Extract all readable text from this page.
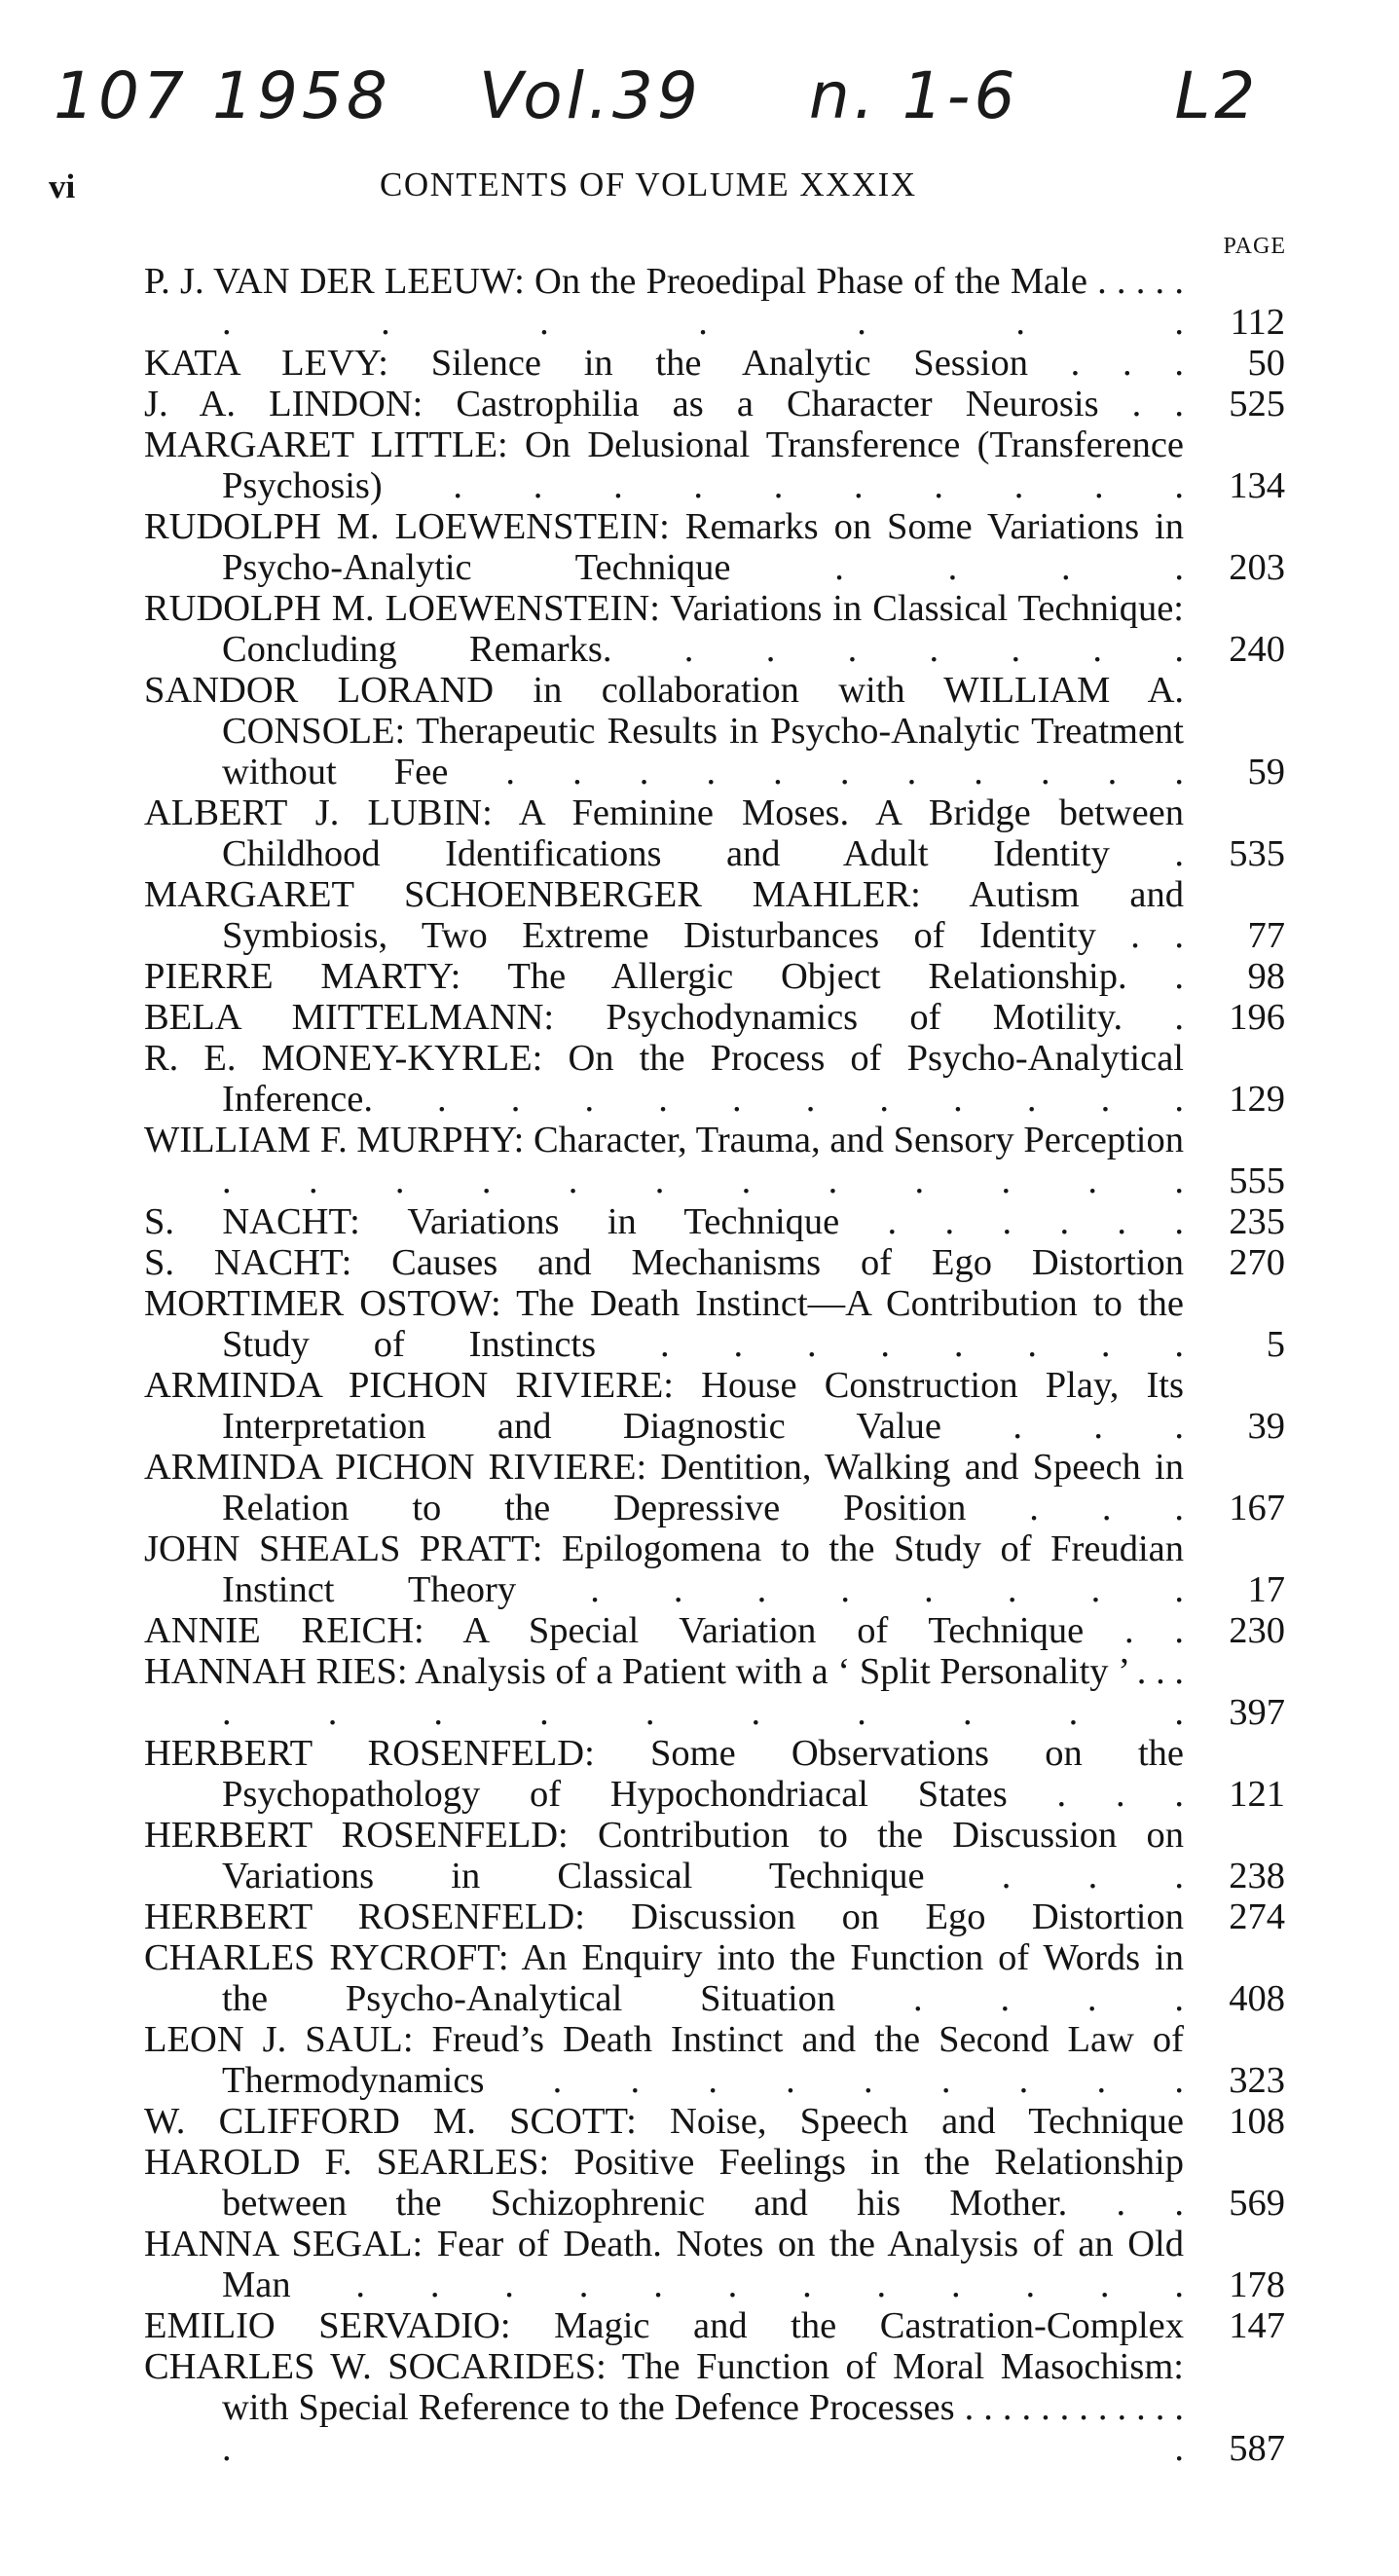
107 1958 Vol.39 n. 1-6 L2
vi	CONTENTS OF VOLUME XXXIX
PAGE
P. J. VAN DER LEEUW: On the Preoedipal Phase of the Male . . . . . . . . . . . .	112
KATA LEVY: Silence in the Analytic Session . . .	50
J. A. LINDON: Castrophilia as a Character Neurosis . .	525
MARGARET LITTLE: On Delusional Transference (Transference Psychosis) . . . . . . . . . .	134
RUDOLPH M. LOEWENSTEIN: Remarks on Some Variations in Psycho-Analytic Technique . . . .	203
RUDOLPH M. LOEWENSTEIN: Variations in Classical Technique: Concluding Remarks. . . . . . . .	240
SANDOR LORAND in collaboration with WILLIAM A. CONSOLE: Therapeutic Results in Psycho-Analytic Treatment without Fee . . . . . . . . . . .	59
ALBERT J. LUBIN: A Feminine Moses. A Bridge between Childhood Identifications and Adult Identity .	535
MARGARET SCHOENBERGER MAHLER: Autism and Symbiosis, Two Extreme Disturbances of Identity . .	77
PIERRE MARTY: The Allergic Object Relationship. .	98
BELA MITTELMANN: Psychodynamics of Motility. .	196
R. E. MONEY-KYRLE: On the Process of Psycho-Analytical Inference. . . . . . . . . . . .	129
WILLIAM F. MURPHY: Character, Trauma, and Sensory Perception . . . . . . . . . . . .	555
S. NACHT: Variations in Technique . . . . . .	235
S. NACHT: Causes and Mechanisms of Ego Distortion	270
MORTIMER OSTOW: The Death Instinct—A Contribution to the Study of Instincts . . . . . . . .	5
ARMINDA PICHON RIVIERE: House Construction Play, Its Interpretation and Diagnostic Value . . .	39
ARMINDA PICHON RIVIERE: Dentition, Walking and Speech in Relation to the Depressive Position . . .	167
JOHN SHEALS PRATT: Epilogomena to the Study of Freudian Instinct Theory . . . . . . . .	17
ANNIE REICH: A Special Variation of Technique . .	230
HANNAH RIES: Analysis of a Patient with a ‘ Split Personality ’ . . . . . . . . . . . . .	397
HERBERT ROSENFELD: Some Observations on the Psychopathology of Hypochondriacal States . . .	121
HERBERT ROSENFELD: Contribution to the Discussion on Variations in Classical Technique . . .	238
HERBERT ROSENFELD: Discussion on Ego Distortion	274
CHARLES RYCROFT: An Enquiry into the Function of Words in the Psycho-Analytical Situation . . . .	408
LEON J. SAUL: Freud’s Death Instinct and the Second Law of Thermodynamics . . . . . . . . .	323
W. CLIFFORD M. SCOTT: Noise, Speech and Technique	108
HAROLD F. SEARLES: Positive Feelings in the Relationship between the Schizophrenic and his Mother. . .	569
HANNA SEGAL: Fear of Death. Notes on the Analysis of an Old Man . . . . . . . . . . . .	178
EMILIO SERVADIO: Magic and the Castration-Complex	147
CHARLES W. SOCARIDES: The Function of Moral Masochism: with Special Reference to the Defence Processes . . . . . . . . . . . . . .	587
